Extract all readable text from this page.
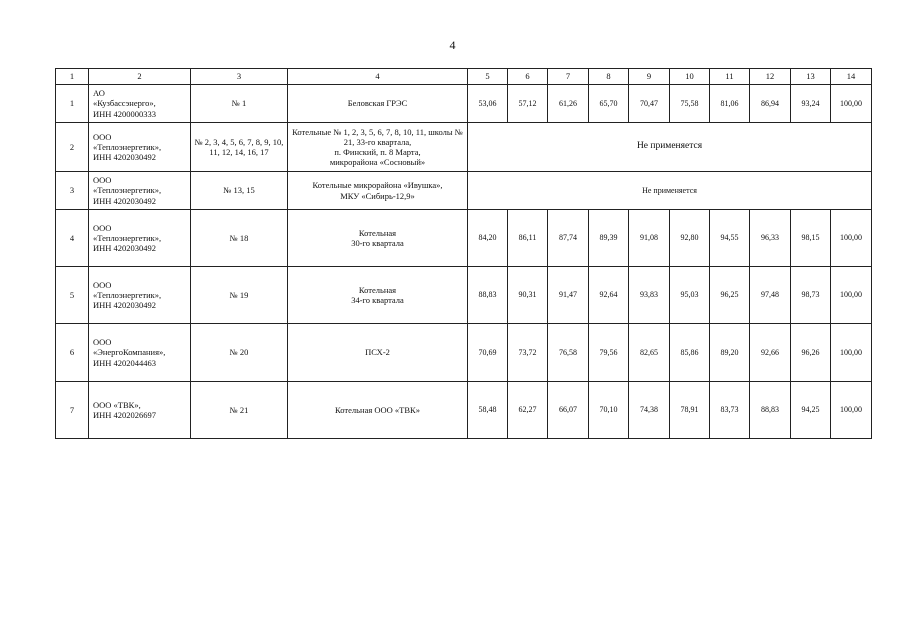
4
1	2	3	4	5	6	7	8	9	10	11	12	13	14
1	АО
«Кузбассэнерго»,
ИНН 4200000333	№ 1	Беловская ГРЭС	53,06	57,12	61,26	65,70	70,47	75,58	81,06	86,94	93,24	100,00
2	ООО
«Теплоэнергетик»,
ИНН 4202030492	№ 2, 3, 4, 5, 6, 7, 8, 9, 10, 11, 12, 14, 16, 17	Котельные № 1, 2, 3, 5, 6, 7, 8, 10, 11, школы № 21, 33-го квартала,
п. Финский, п. 8 Марта,
микрорайона «Сосновый»	Не применяется									
3	ООО
«Теплоэнергетик»,
ИНН 4202030492	№ 13, 15	Котельные микрорайона «Ивушка»,
МКУ «Сибирь-12,9»	Не применяется									
4	ООО
«Теплоэнергетик»,
ИНН 4202030492	№ 18	Котельная
30-го квартала	84,20	86,11	87,74	89,39	91,08	92,80	94,55	96,33	98,15	100,00
5	ООО
«Теплоэнергетик»,
ИНН 4202030492	№ 19	Котельная
34-го квартала	88,83	90,31	91,47	92,64	93,83	95,03	96,25	97,48	98,73	100,00
6	ООО
«ЭнергоКомпания»,
ИНН 4202044463	№ 20	ПСХ-2	70,69	73,72	76,58	79,56	82,65	85,86	89,20	92,66	96,26	100,00
7	ООО «ТВК»,
ИНН 4202026697	№ 21	Котельная ООО «ТВК»	58,48	62,27	66,07	70,10	74,38	78,91	83,73	88,83	94,25	100,00
